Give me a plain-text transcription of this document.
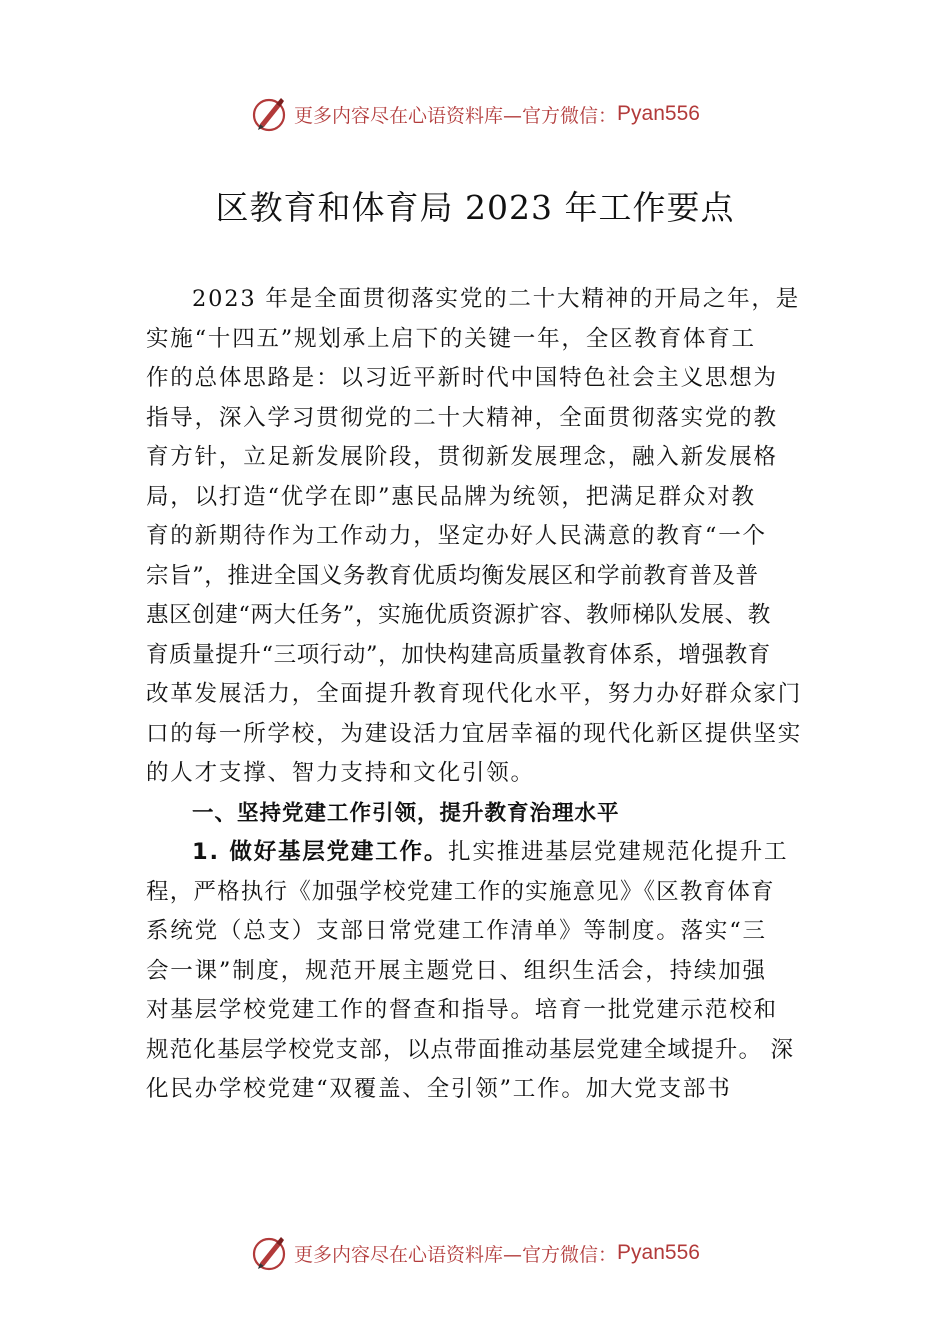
更多内容尽在心语资料库—官方微信： Pyan556
区教育和体育局 2023 年工作要点
2023 年是全面贯彻落实党的二十大精神的开局之年，是
实施“十四五”规划承上启下的关键一年，全区教育体育工
作的总体思路是：以习近平新时代中国特色社会主义思想为
指导，深入学习贯彻党的二十大精神，全面贯彻落实党的教
育方针，立足新发展阶段，贯彻新发展理念，融入新发展格
局，以打造“优学在即”惠民品牌为统领，把满足群众对教
育的新期待作为工作动力，坚定办好人民满意的教育“一个
宗旨”，推进全国义务教育优质均衡发展区和学前教育普及普
惠区创建“两大任务”，实施优质资源扩容、教师梯队发展、教
育质量提升“三项行动”，加快构建高质量教育体系，增强教育
改革发展活力，全面提升教育现代化水平，努力办好群众家门
口的每一所学校，为建设活力宜居幸福的现代化新区提供坚实
的人才支撑、智力支持和文化引领。
一、坚持党建工作引领，提升教育治理水平
1. 做好基层党建工作。扎实推进基层党建规范化提升工
程，严格执行《加强学校党建工作的实施意见》《区教育体育
系统党（总支）支部日常党建工作清单》等制度。落实“三
会一课”制度，规范开展主题党日、组织生活会，持续加强
对基层学校党建工作的督查和指导。培育一批党建示范校和
规范化基层学校党支部，以点带面推动基层党建全域提升。 深
化民办学校党建“双覆盖、全引领”工作。加大党支部书
更多内容尽在心语资料库—官方微信： Pyan556
